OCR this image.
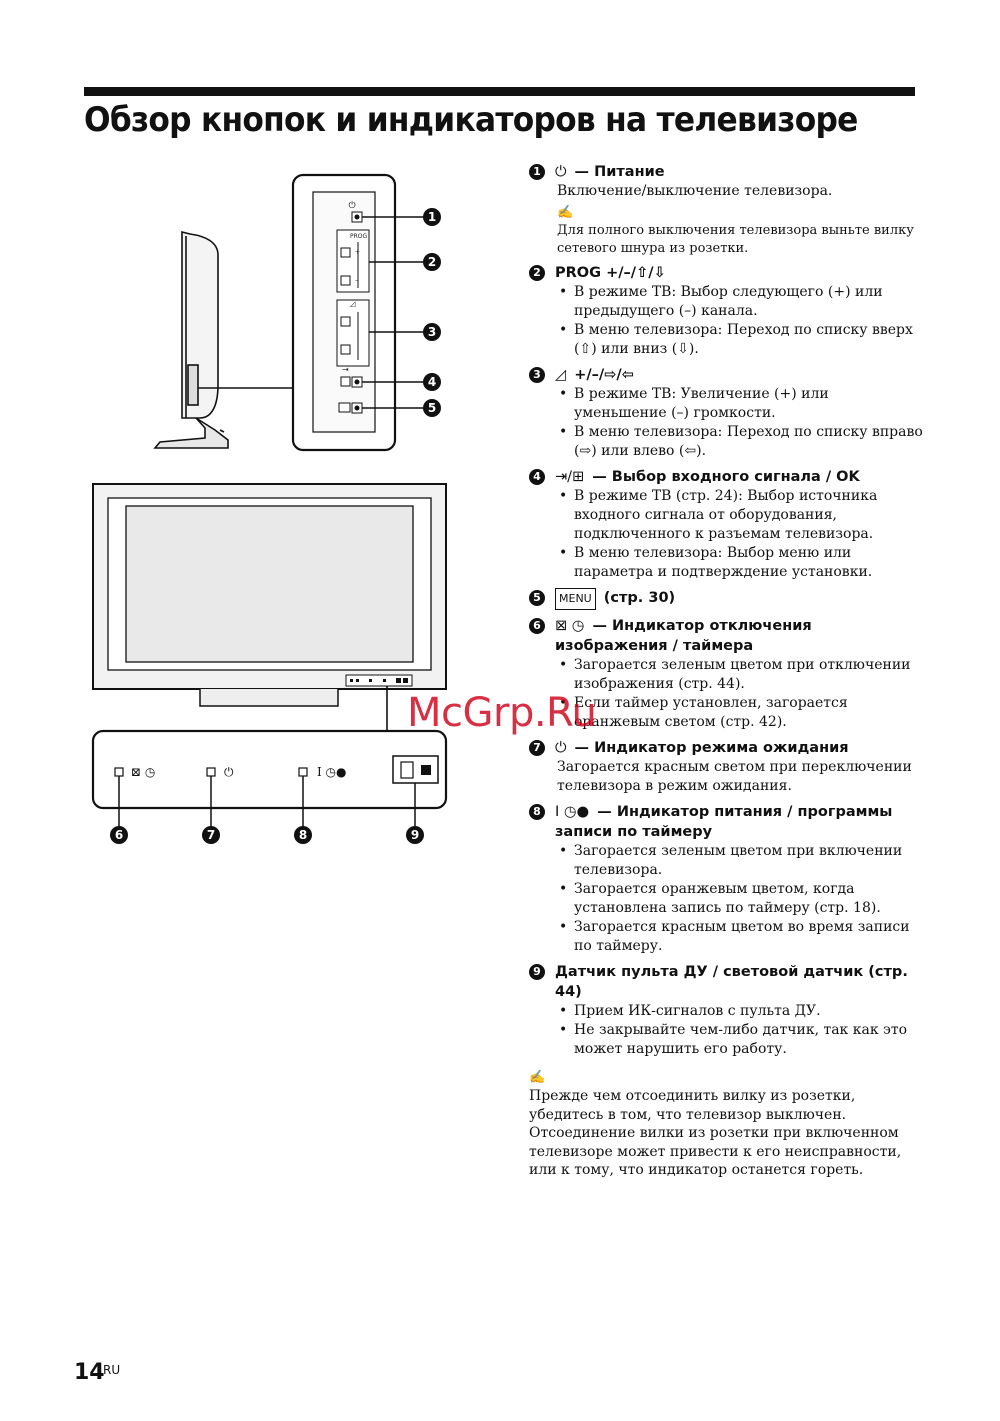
Обзор кнопок и индикаторов на телевизоре
⏻
PROG
+
–
◿
⇥
1
2
3
4
5
⊠ ◷	⏻	I ◷●
6	7	8	9
1 ⏻ — Питание
Включение/выключение телевизора.
✍
Для полного выключения телевизора выньте вилку сетевого шнура из розетки.
2 PROG +/–/⇧/⇩
• В режиме ТВ: Выбор следующего (+) или предыдущего (–) канала.
• В меню телевизора: Переход по списку вверх (⇧) или вниз (⇩).
3 ◿ +/–/⇨/⇦
• В режиме ТВ: Увеличение (+) или уменьшение (–) громкости.
• В меню телевизора: Переход по списку вправо (⇨) или влево (⇦).
4 ⇥/⊞ — Выбор входного сигнала / OK
• В режиме ТВ (стр. 24): Выбор источника входного сигнала от оборудования, подключенного к разъемам телевизора.
• В меню телевизора: Выбор меню или параметра и подтверждение установки.
5	MENU (стр. 30)
6 ⊠ ◷ — Индикатор отключения изображения / таймера
• Загорается зеленым цветом при отключении изображения (стр. 44).
• Если таймер установлен, загорается оранжевым светом (стр. 42).
7 ⏻ — Индикатор режима ожидания
Загорается красным светом при переключении телевизора в режим ожидания.
8 I ◷● — Индикатор питания / программы записи по таймеру
• Загорается зеленым цветом при включении телевизора.
• Загорается оранжевым цветом, когда установлена запись по таймеру (стр. 18).
• Загорается красным цветом во время записи по таймеру.
9 Датчик пульта ДУ / световой датчик (стр. 44)
• Прием ИК-сигналов с пульта ДУ.
• Не закрывайте чем-либо датчик, так как это может нарушить его работу.
✍
Прежде чем отсоединить вилку из розетки, убедитесь в том, что телевизор выключен. Отсоединение вилки из розетки при включенном телевизоре может привести к его неисправности, или к тому, что индикатор останется гореть.
McGrp.Ru
14
RU
